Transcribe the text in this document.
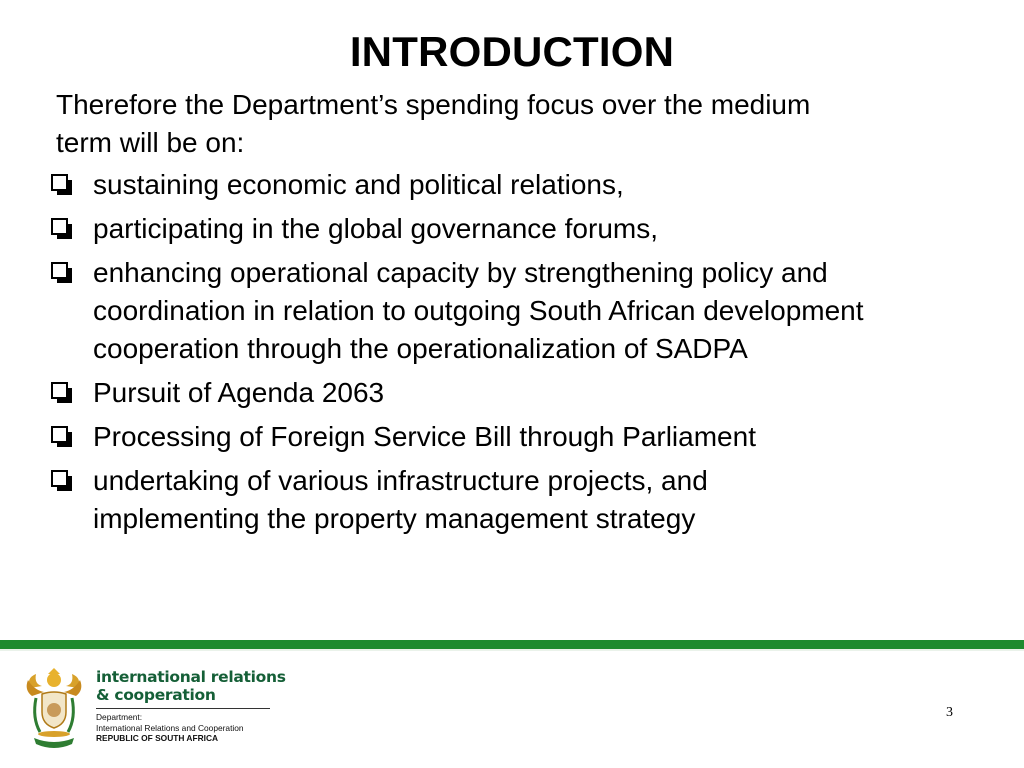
INTRODUCTION
Therefore the Department’s spending focus over the medium
term will be on:
sustaining economic and political relations,
participating in the global governance forums,
enhancing operational capacity by strengthening policy and
coordination in relation to outgoing South African development
cooperation through the operationalization of SADPA
Pursuit of Agenda 2063
Processing of Foreign Service Bill through Parliament
undertaking of various infrastructure projects, and
implementing the property management strategy
international relations
& cooperation
Department:
International Relations and Cooperation
REPUBLIC OF SOUTH AFRICA
3
